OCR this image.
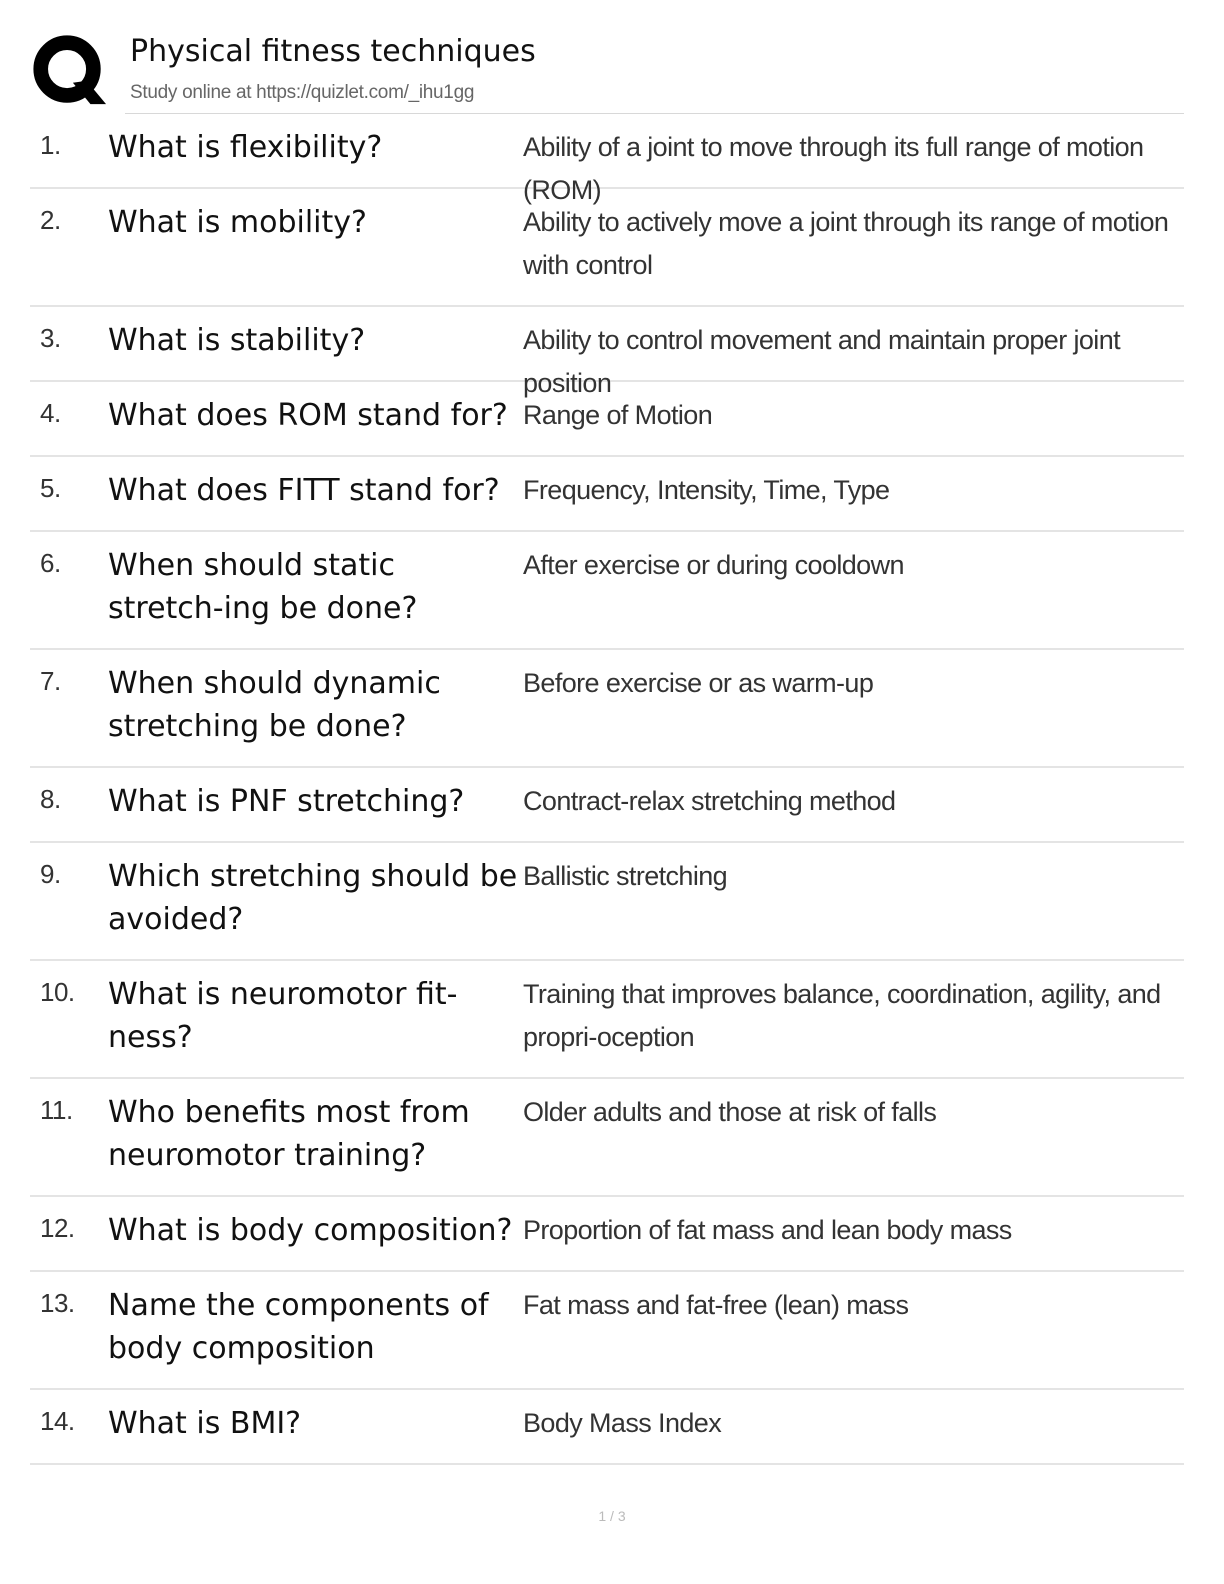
Physical fitness techniques
Study online at https://quizlet.com/_ihu1gg
1. What is flexibility?	Ability of a joint to move through its full range of motion (ROM)
2. What is mobility?	Ability to actively move a joint through its range of motion with control
3. What is stability?	Ability to control movement and maintain proper joint position
4. What does ROM stand for? Range of Motion
5. What does FITT stand for? Frequency, Intensity, Time, Type
6. When should static stretch-ing be done?
After exercise or during cooldown
7. When should dynamic stretching be done?
Before exercise or as warm-up
8. What is PNF stretching?	Contract-relax stretching method
9. Which stretching should be avoided?
Ballistic stretching
10. What is neuromotor fit-ness?
Training that improves balance, coordination, agility, and propri-oception
11. Who benefits most from neuromotor training?
Older adults and those at risk of falls
12. What is body composition? Proportion of fat mass and lean body mass
13. Name the components of body composition
Fat mass and fat-free (lean) mass
14. What is BMI?	Body Mass Index
1 / 3
